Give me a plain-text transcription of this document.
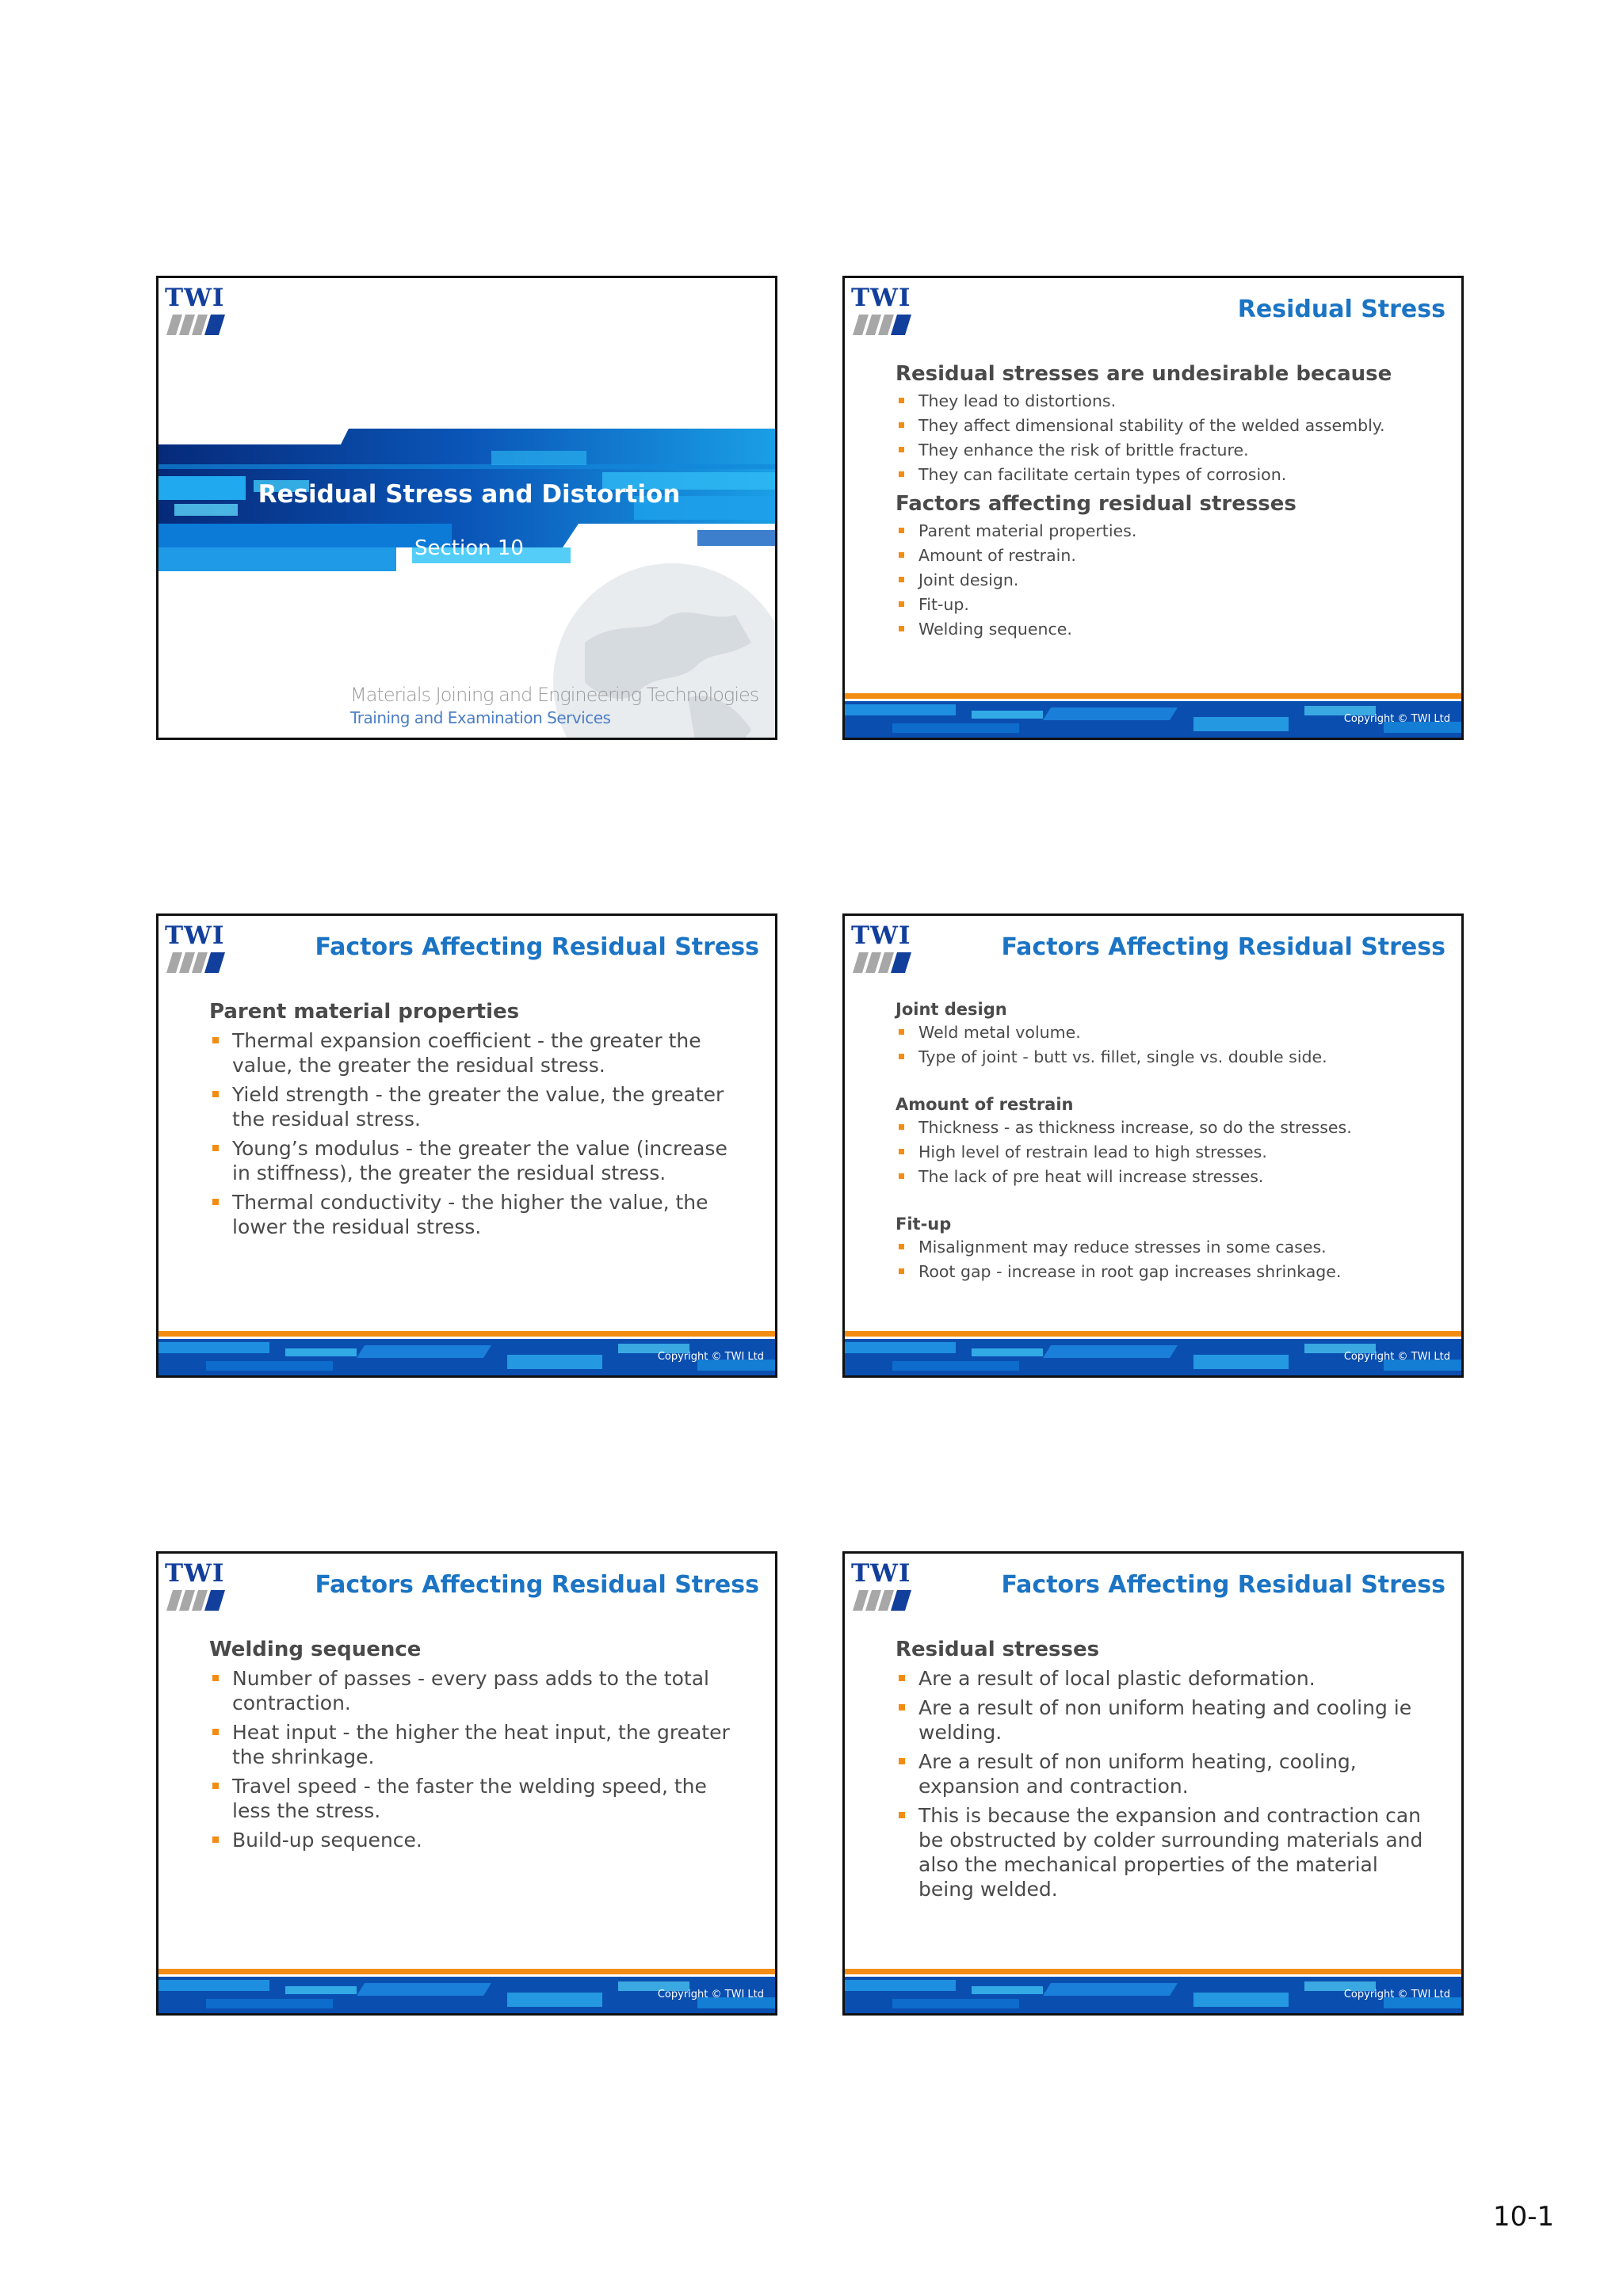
TWI
Residual Stress and Distortion
Section 10
Materials Joining and Engineering Technologies
Training and Examination Services
TWI	Residual Stress
Residual stresses are undesirable because
They lead to distortions.
They affect dimensional stability of the welded assembly.
They enhance the risk of brittle fracture.
They can facilitate certain types of corrosion.
Factors affecting residual stresses
Parent material properties.
Amount of restrain.
Joint design.
Fit-up.
Welding sequence.
Copyright © TWI Ltd
TWI	Factors Affecting Residual Stress
Parent material properties
Thermal expansion coefficient - the greater the value, the greater the residual stress.
Yield strength - the greater the value, the greater the residual stress.
Young’s modulus - the greater the value (increase in stiffness), the greater the residual stress.
Thermal conductivity - the higher the value, the lower the residual stress.
Copyright © TWI Ltd
TWI	Factors Affecting Residual Stress
Joint design
Weld metal volume.
Type of joint - butt vs. fillet, single vs. double side.
Amount of restrain
Thickness - as thickness increase, so do the stresses.
High level of restrain lead to high stresses.
The lack of pre heat will increase stresses.
Fit-up
Misalignment may reduce stresses in some cases.
Root gap - increase in root gap increases shrinkage.
Copyright © TWI Ltd
TWI	Factors Affecting Residual Stress
Welding sequence
Number of passes - every pass adds to the total contraction.
Heat input - the higher the heat input, the greater the shrinkage.
Travel speed - the faster the welding speed, the less the stress.
Build-up sequence.
Copyright © TWI Ltd
TWI	Factors Affecting Residual Stress
Residual stresses
Are a result of local plastic deformation.
Are a result of non uniform heating and cooling ie welding.
Are a result of non uniform heating, cooling, expansion and contraction.
This is because the expansion and contraction can be obstructed by colder surrounding materials and also the mechanical properties of the material being welded.
Copyright © TWI Ltd
10-1
